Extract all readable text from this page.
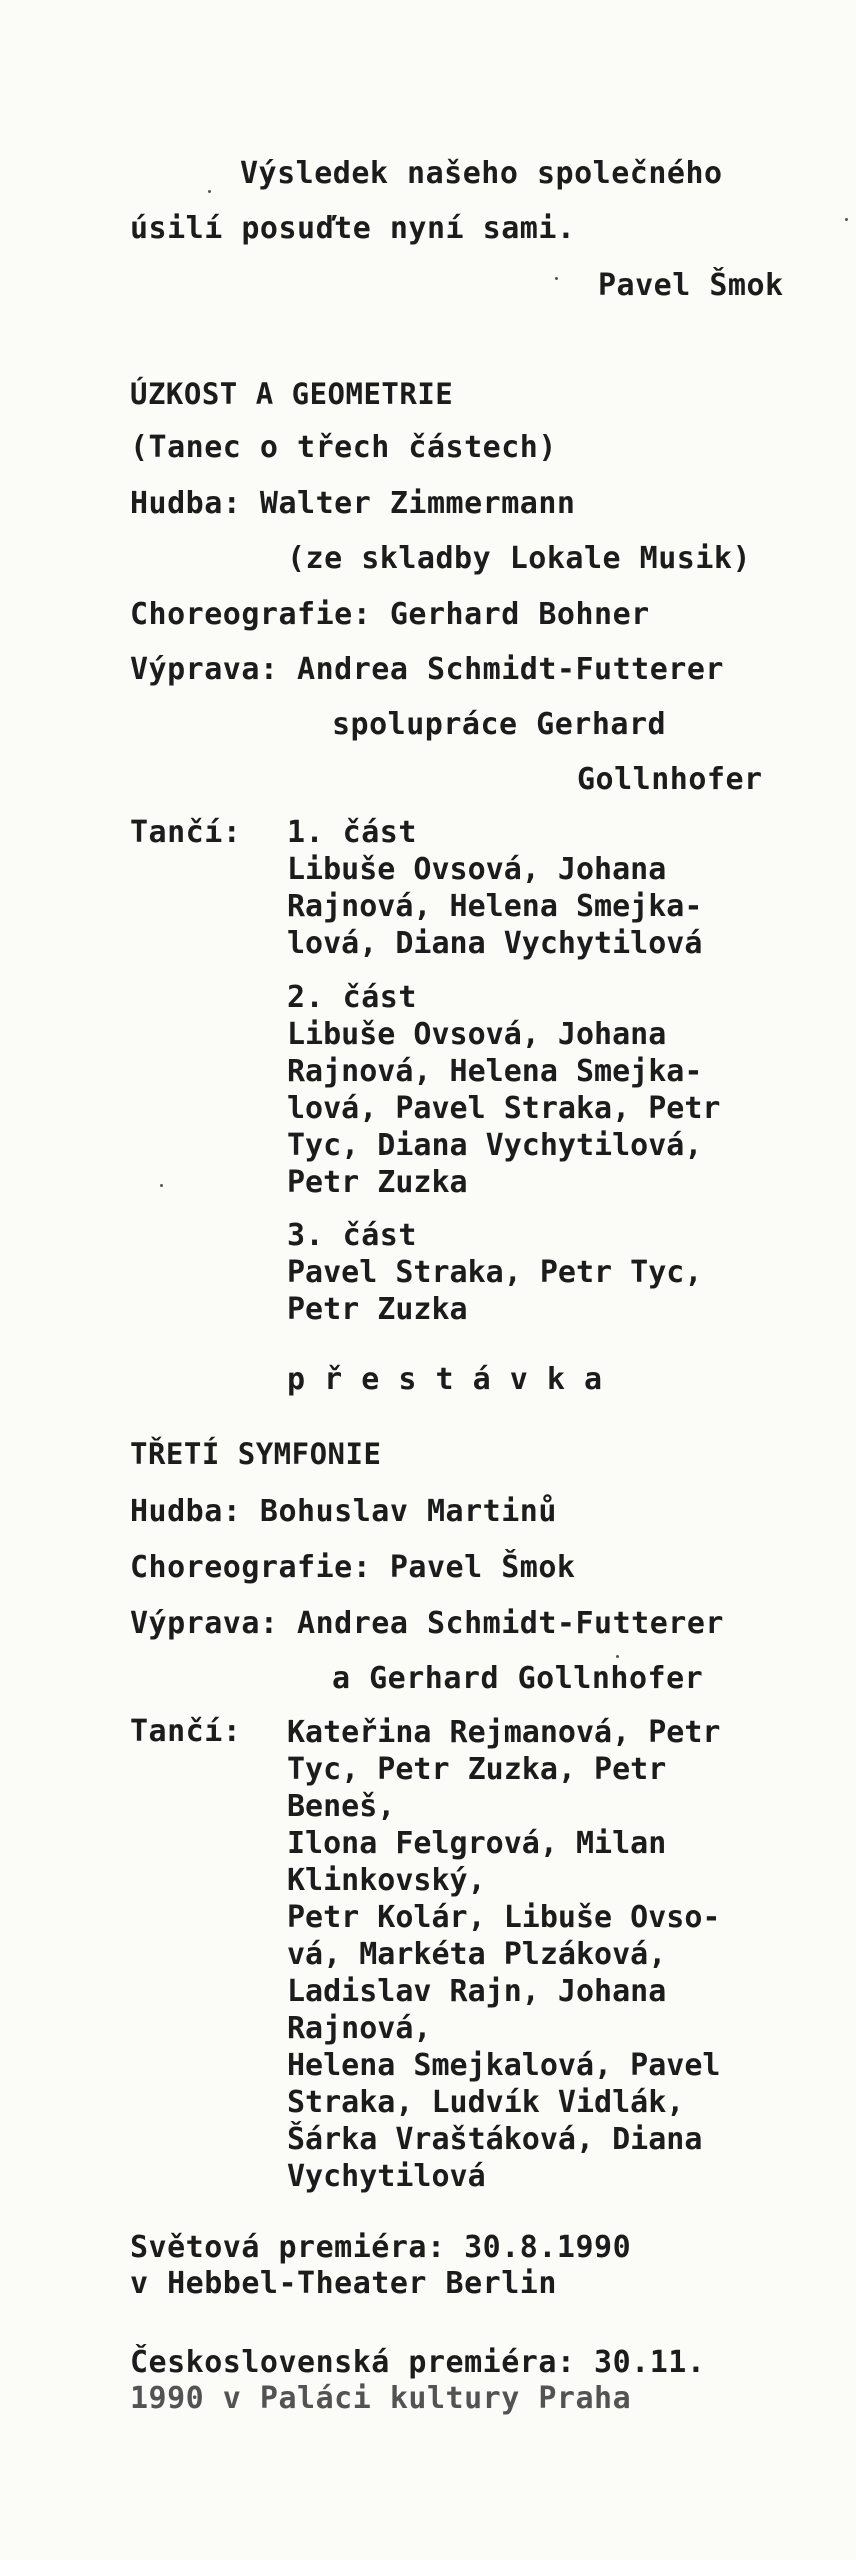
Výsledek našeho společného
úsilí posuďte nyní sami.
Pavel Šmok
ÚZKOST A GEOMETRIE
(Tanec o třech částech)
Hudba: Walter Zimmermann
(ze skladby Lokale Musik)
Choreografie: Gerhard Bohner
Výprava: Andrea Schmidt-Futterer
spolupráce Gerhard
Gollnhofer
Tančí: 1. část
Libuše Ovsová, Johana
Rajnová, Helena Smejka-
lová, Diana Vychytilová
2. část
Libuše Ovsová, Johana
Rajnová, Helena Smejka-
lová, Pavel Straka, Petr
Tyc, Diana Vychytilová,
Petr Zuzka
3. část
Pavel Straka, Petr Tyc,
Petr Zuzka
p ř e s t á v k a
TŘETÍ SYMFONIE
Hudba: Bohuslav Martinů
Choreografie: Pavel Šmok
Výprava: Andrea Schmidt-Futterer
a Gerhard Gollnhofer
Tančí: Kateřina Rejmanová, Petr
Tyc, Petr Zuzka, Petr
Beneš,
Ilona Felgrová, Milan
Klinkovský,
Petr Kolár, Libuše Ovso-
vá, Markéta Plzáková,
Ladislav Rajn, Johana
Rajnová,
Helena Smejkalová, Pavel
Straka, Ludvík Vidlák,
Šárka Vraštáková, Diana
Vychytilová
Světová premiéra: 30.8.1990
v Hebbel-Theater Berlin
Československá premiéra: 30.11.
1990 v Paláci kultury Praha
